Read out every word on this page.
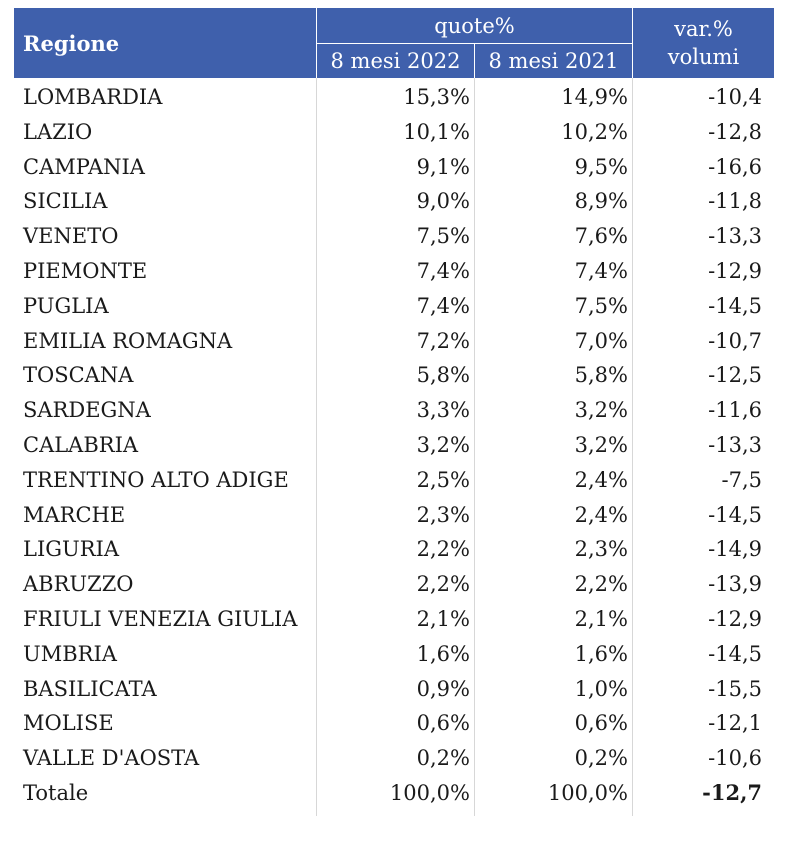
Regione
quote%
8 mesi 2022	8 mesi 2021
var.%
volumi
LOMBARDIA	15,3%	14,9%	-10,4
LAZIO	10,1%	10,2%	-12,8
CAMPANIA	9,1%	9,5%	-16,6
SICILIA	9,0%	8,9%	-11,8
VENETO	7,5%	7,6%	-13,3
PIEMONTE	7,4%	7,4%	-12,9
PUGLIA	7,4%	7,5%	-14,5
EMILIA ROMAGNA	7,2%	7,0%	-10,7
TOSCANA	5,8%	5,8%	-12,5
SARDEGNA	3,3%	3,2%	-11,6
CALABRIA	3,2%	3,2%	-13,3
TRENTINO ALTO ADIGE	2,5%	2,4%	-7,5
MARCHE	2,3%	2,4%	-14,5
LIGURIA	2,2%	2,3%	-14,9
ABRUZZO	2,2%	2,2%	-13,9
FRIULI VENEZIA GIULIA	2,1%	2,1%	-12,9
UMBRIA	1,6%	1,6%	-14,5
BASILICATA	0,9%	1,0%	-15,5
MOLISE	0,6%	0,6%	-12,1
VALLE D'AOSTA	0,2%	0,2%	-10,6
Totale	100,0%	100,0%	-12,7
